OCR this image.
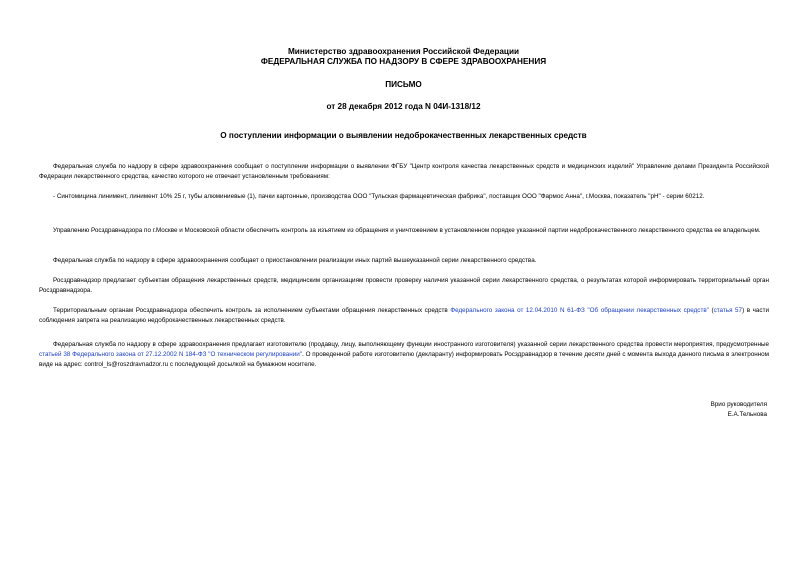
Министерство здравоохранения Российской Федерации
ФЕДЕРАЛЬНАЯ СЛУЖБА ПО НАДЗОРУ В СФЕРЕ ЗДРАВООХРАНЕНИЯ
ПИСЬМО
от 28 декабря 2012 года N 04И-1318/12
О поступлении информации о выявлении недоброкачественных лекарственных средств
Федеральная служба по надзору в сфере здравоохранения сообщает о поступлении информации о выявлении ФГБУ "Центр контроля качества лекарственных средств и медицинских изделий" Управление делами Президента Российской Федерации лекарственного средства, качество которого не отвечает установленным требованиям:
- Синтомицина линимент, линимент 10% 25 г, тубы алюминиевые (1), пачки картонные, производства ООО "Тульская фармацевтическая фабрика", поставщик ООО "Фармос Анна", г.Москва, показатель "pH" - серии 60212.
Управлению Росздравнадзора по г.Москве и Московской области обеспечить контроль за изъятием из обращения и уничтожением в установленном порядке указанной партии недоброкачественного лекарственного средства ее владельцем.
Федеральная служба по надзору в сфере здравоохранения сообщает о приостановлении реализации иных партий вышеуказанной серии лекарственного средства.
Росздравнадзор предлагает субъектам обращения лекарственных средств, медицинским организациям провести проверку наличия указанной серии лекарственного средства, о результатах которой информировать территориальный орган Росздравнадзора.
Территориальным органам Росздравнадзора обеспечить контроль за исполнением субъектами обращения лекарственных средств Федерального закона от 12.04.2010 N 61-ФЗ "Об обращении лекарственных средств" (статья 57) в части соблюдения запрета на реализацию недоброкачественных лекарственных средств.
Федеральная служба по надзору в сфере здравоохранения предлагает изготовителю (продавцу, лицу, выполняющему функции иностранного изготовителя) указанной серии лекарственного средства провести мероприятия, предусмотренные статьей 38 Федерального закона от 27.12.2002 N 184-ФЗ "О техническом регулировании". О проведенной работе изготовителю (декларанту) информировать Росздравнадзор в течение десяти дней с момента выхода данного письма в электронном виде на адрес: control_ls@roszdravnadzor.ru с последующей досылкой на бумажном носителе.
Врио руководителя
Е.А.Тельнова
